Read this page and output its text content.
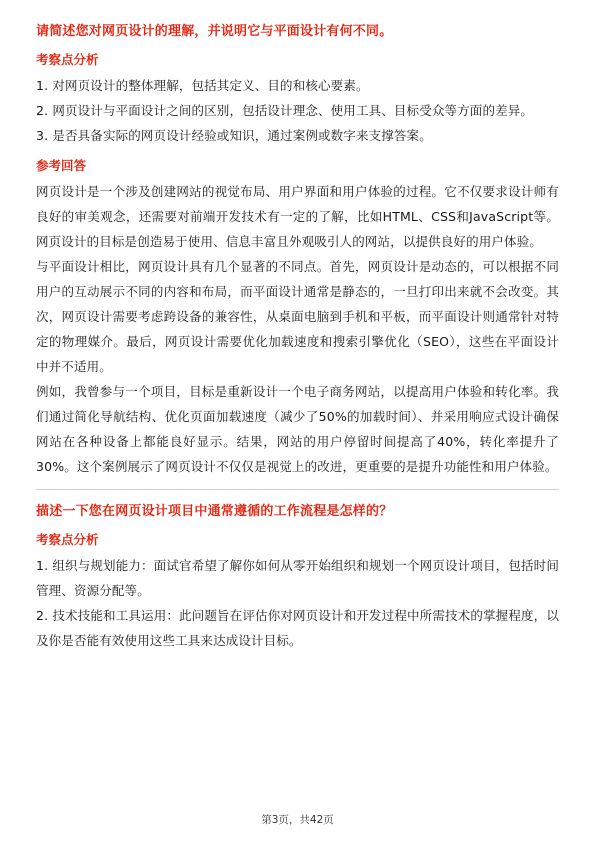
请简述您对网页设计的理解，并说明它与平面设计有何不同。
考察点分析

1. 对网页设计的整体理解，包括其定义、目的和核心要素。

2. 网页设计与平面设计之间的区别，包括设计理念、使用工具、目标受众等方面的差异。

3. 是否具备实际的网页设计经验或知识，通过案例或数字来支撑答案。

参考回答

网页设计是一个涉及创建网站的视觉布局、用户界面和用户体验的过程。它不仅要求设计师有良好的审美观念，还需要对前端开发技术有一定的了解，比如HTML、CSS和JavaScript等。网页设计的目标是创造易于使用、信息丰富且外观吸引人的网站，以提供良好的用户体验。

与平面设计相比，网页设计具有几个显著的不同点。首先，网页设计是动态的，可以根据不同用户的互动展示不同的内容和布局，而平面设计通常是静态的，一旦打印出来就不会改变。其次，网页设计需要考虑跨设备的兼容性，从桌面电脑到手机和平板，而平面设计则通常针对特定的物理媒介。最后，网页设计需要优化加载速度和搜索引擎优化（SEO），这些在平面设计中并不适用。

例如，我曾参与一个项目，目标是重新设计一个电子商务网站，以提高用户体验和转化率。我们通过简化导航结构、优化页面加载速度（减少了50%的加载时间）、并采用响应式设计确保网站在各种设备上都能良好显示。结果，网站的用户停留时间提高了40%，转化率提升了30%。这个案例展示了网页设计不仅仅是视觉上的改进，更重要的是提升功能性和用户体验。

描述一下您在网页设计项目中通常遵循的工作流程是怎样的？
考察点分析

1. 组织与规划能力：面试官希望了解你如何从零开始组织和规划一个网页设计项目，包括时间管理、资源分配等。

2. 技术技能和工具运用：此问题旨在评估你对网页设计和开发过程中所需技术的掌握程度，以及你是否能有效使用这些工具来达成设计目标。

第3页，共42页
